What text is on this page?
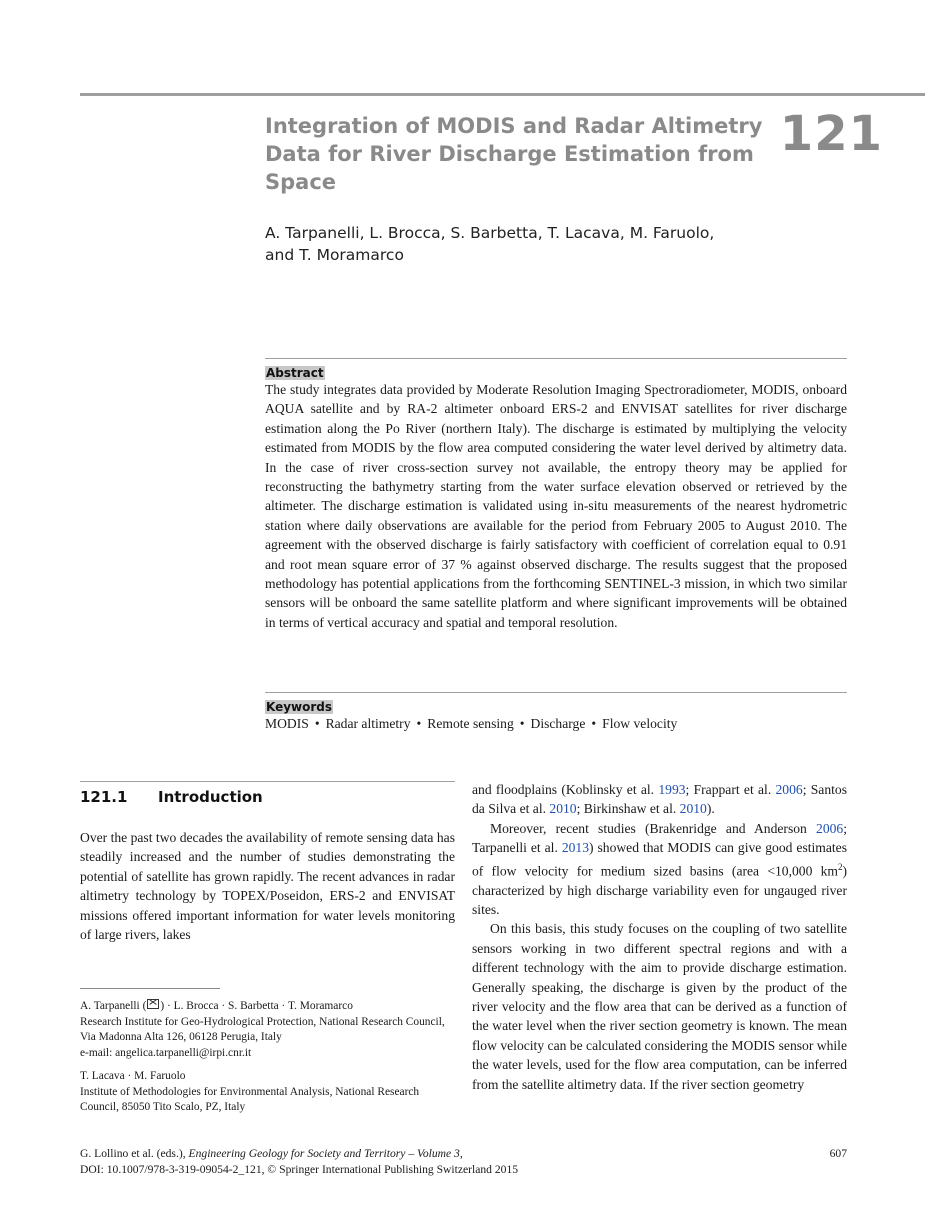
Integration of MODIS and Radar Altimetry Data for River Discharge Estimation from Space
121
A. Tarpanelli, L. Brocca, S. Barbetta, T. Lacava, M. Faruolo, and T. Moramarco
Abstract
The study integrates data provided by Moderate Resolution Imaging Spectroradiometer, MODIS, onboard AQUA satellite and by RA-2 altimeter onboard ERS-2 and ENVISAT satellites for river discharge estimation along the Po River (northern Italy). The discharge is estimated by multiplying the velocity estimated from MODIS by the flow area computed considering the water level derived by altimetry data. In the case of river cross-section survey not available, the entropy theory may be applied for reconstructing the bathymetry starting from the water surface elevation observed or retrieved by the altimeter. The discharge estimation is validated using in-situ measurements of the nearest hydrometric station where daily observations are available for the period from February 2005 to August 2010. The agreement with the observed discharge is fairly satisfactory with coefficient of correlation equal to 0.91 and root mean square error of 37 % against observed discharge. The results suggest that the proposed methodology has potential applications from the forthcoming SENTINEL-3 mission, in which two similar sensors will be onboard the same satellite platform and where significant improvements will be obtained in terms of vertical accuracy and spatial and temporal resolution.
Keywords
MODIS • Radar altimetry • Remote sensing • Discharge • Flow velocity
121.1 Introduction
Over the past two decades the availability of remote sensing data has steadily increased and the number of studies demonstrating the potential of satellite has grown rapidly. The recent advances in radar altimetry technology by TOPEX/Poseidon, ERS-2 and ENVISAT missions offered important information for water levels monitoring of large rivers, lakes

and floodplains (Koblinsky et al. 1993; Frappart et al. 2006; Santos da Silva et al. 2010; Birkinshaw et al. 2010).

Moreover, recent studies (Brakenridge and Anderson 2006; Tarpanelli et al. 2013) showed that MODIS can give good estimates of flow velocity for medium sized basins (area <10,000 $km^2$) characterized by high discharge variability even for ungauged river sites.

On this basis, this study focuses on the coupling of two satellite sensors working in two different spectral regions and with a different technology with the aim to provide discharge estimation. Generally speaking, the discharge is given by the product of the river velocity and the flow area that can be derived as a function of the water level when the river section geometry is known. The mean flow velocity can be calculated considering the MODIS sensor while the water levels, used for the flow area computation, can be inferred from the satellite altimetry data. If the river section geometry

A. Tarpanelli ( ) · L. Brocca · S. Barbetta · T. Moramarco
Research Institute for Geo-Hydrological Protection, National Research Council, Via Madonna Alta 126, 06128 Perugia, Italy
e-mail: angelica.tarpanelli@irpi.cnr.it
T. Lacava · M. Faruolo
Institute of Methodologies for Environmental Analysis, National Research Council, 85050 Tito Scalo, PZ, Italy
G. Lollino et al. (eds.), Engineering Geology for Society and Territory – Volume 3,
DOI: 10.1007/978-3-319-09054-2_121, © Springer International Publishing Switzerland 2015
607
